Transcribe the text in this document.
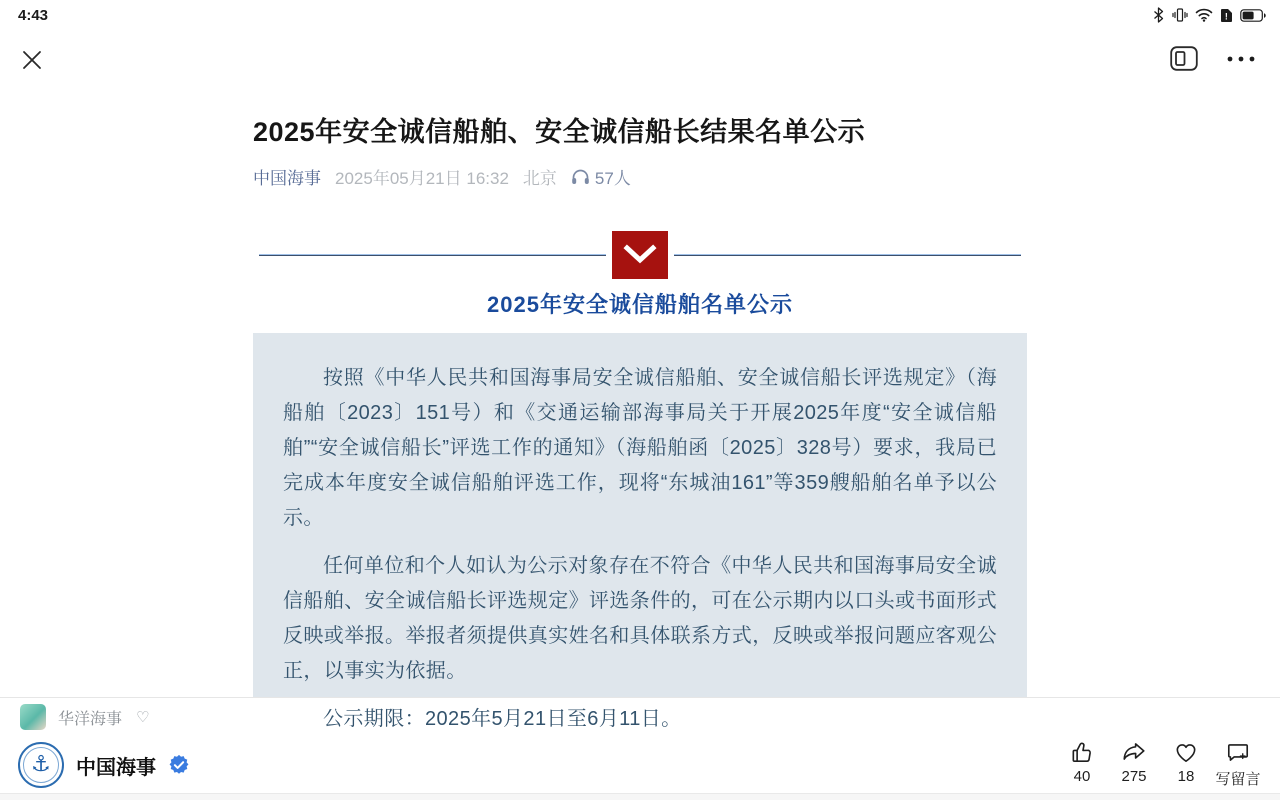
4:43	!
2025年安全诚信船舶、安全诚信船长结果名单公示
中国海事 2025年05月21日 16:32 北京 57人
2025年安全诚信船舶名单公示

按照《中华人民共和国海事局安全诚信船舶、安全诚信船长评选规定》（海船舶〔2023〕151号）和《交通运输部海事局关于开展2025年度“安全诚信船舶”“安全诚信船长”评选工作的通知》（海船舶函〔2025〕328号）要求，我局已完成本年度安全诚信船舶评选工作，现将“东城油161”等359艘船舶名单予以公示。

任何单位和个人如认为公示对象存在不符合《中华人民共和国海事局安全诚信船舶、安全诚信船长评选规定》评选条件的，可在公示期内以口头或书面形式反映或举报。举报者须提供真实姓名和具体联系方式，反映或举报问题应客观公正，以事实为依据。

公示期限：2025年5月21日至6月11日。

华洋海事 ♡
⚓ 中国海事	40 275 18 写留言
